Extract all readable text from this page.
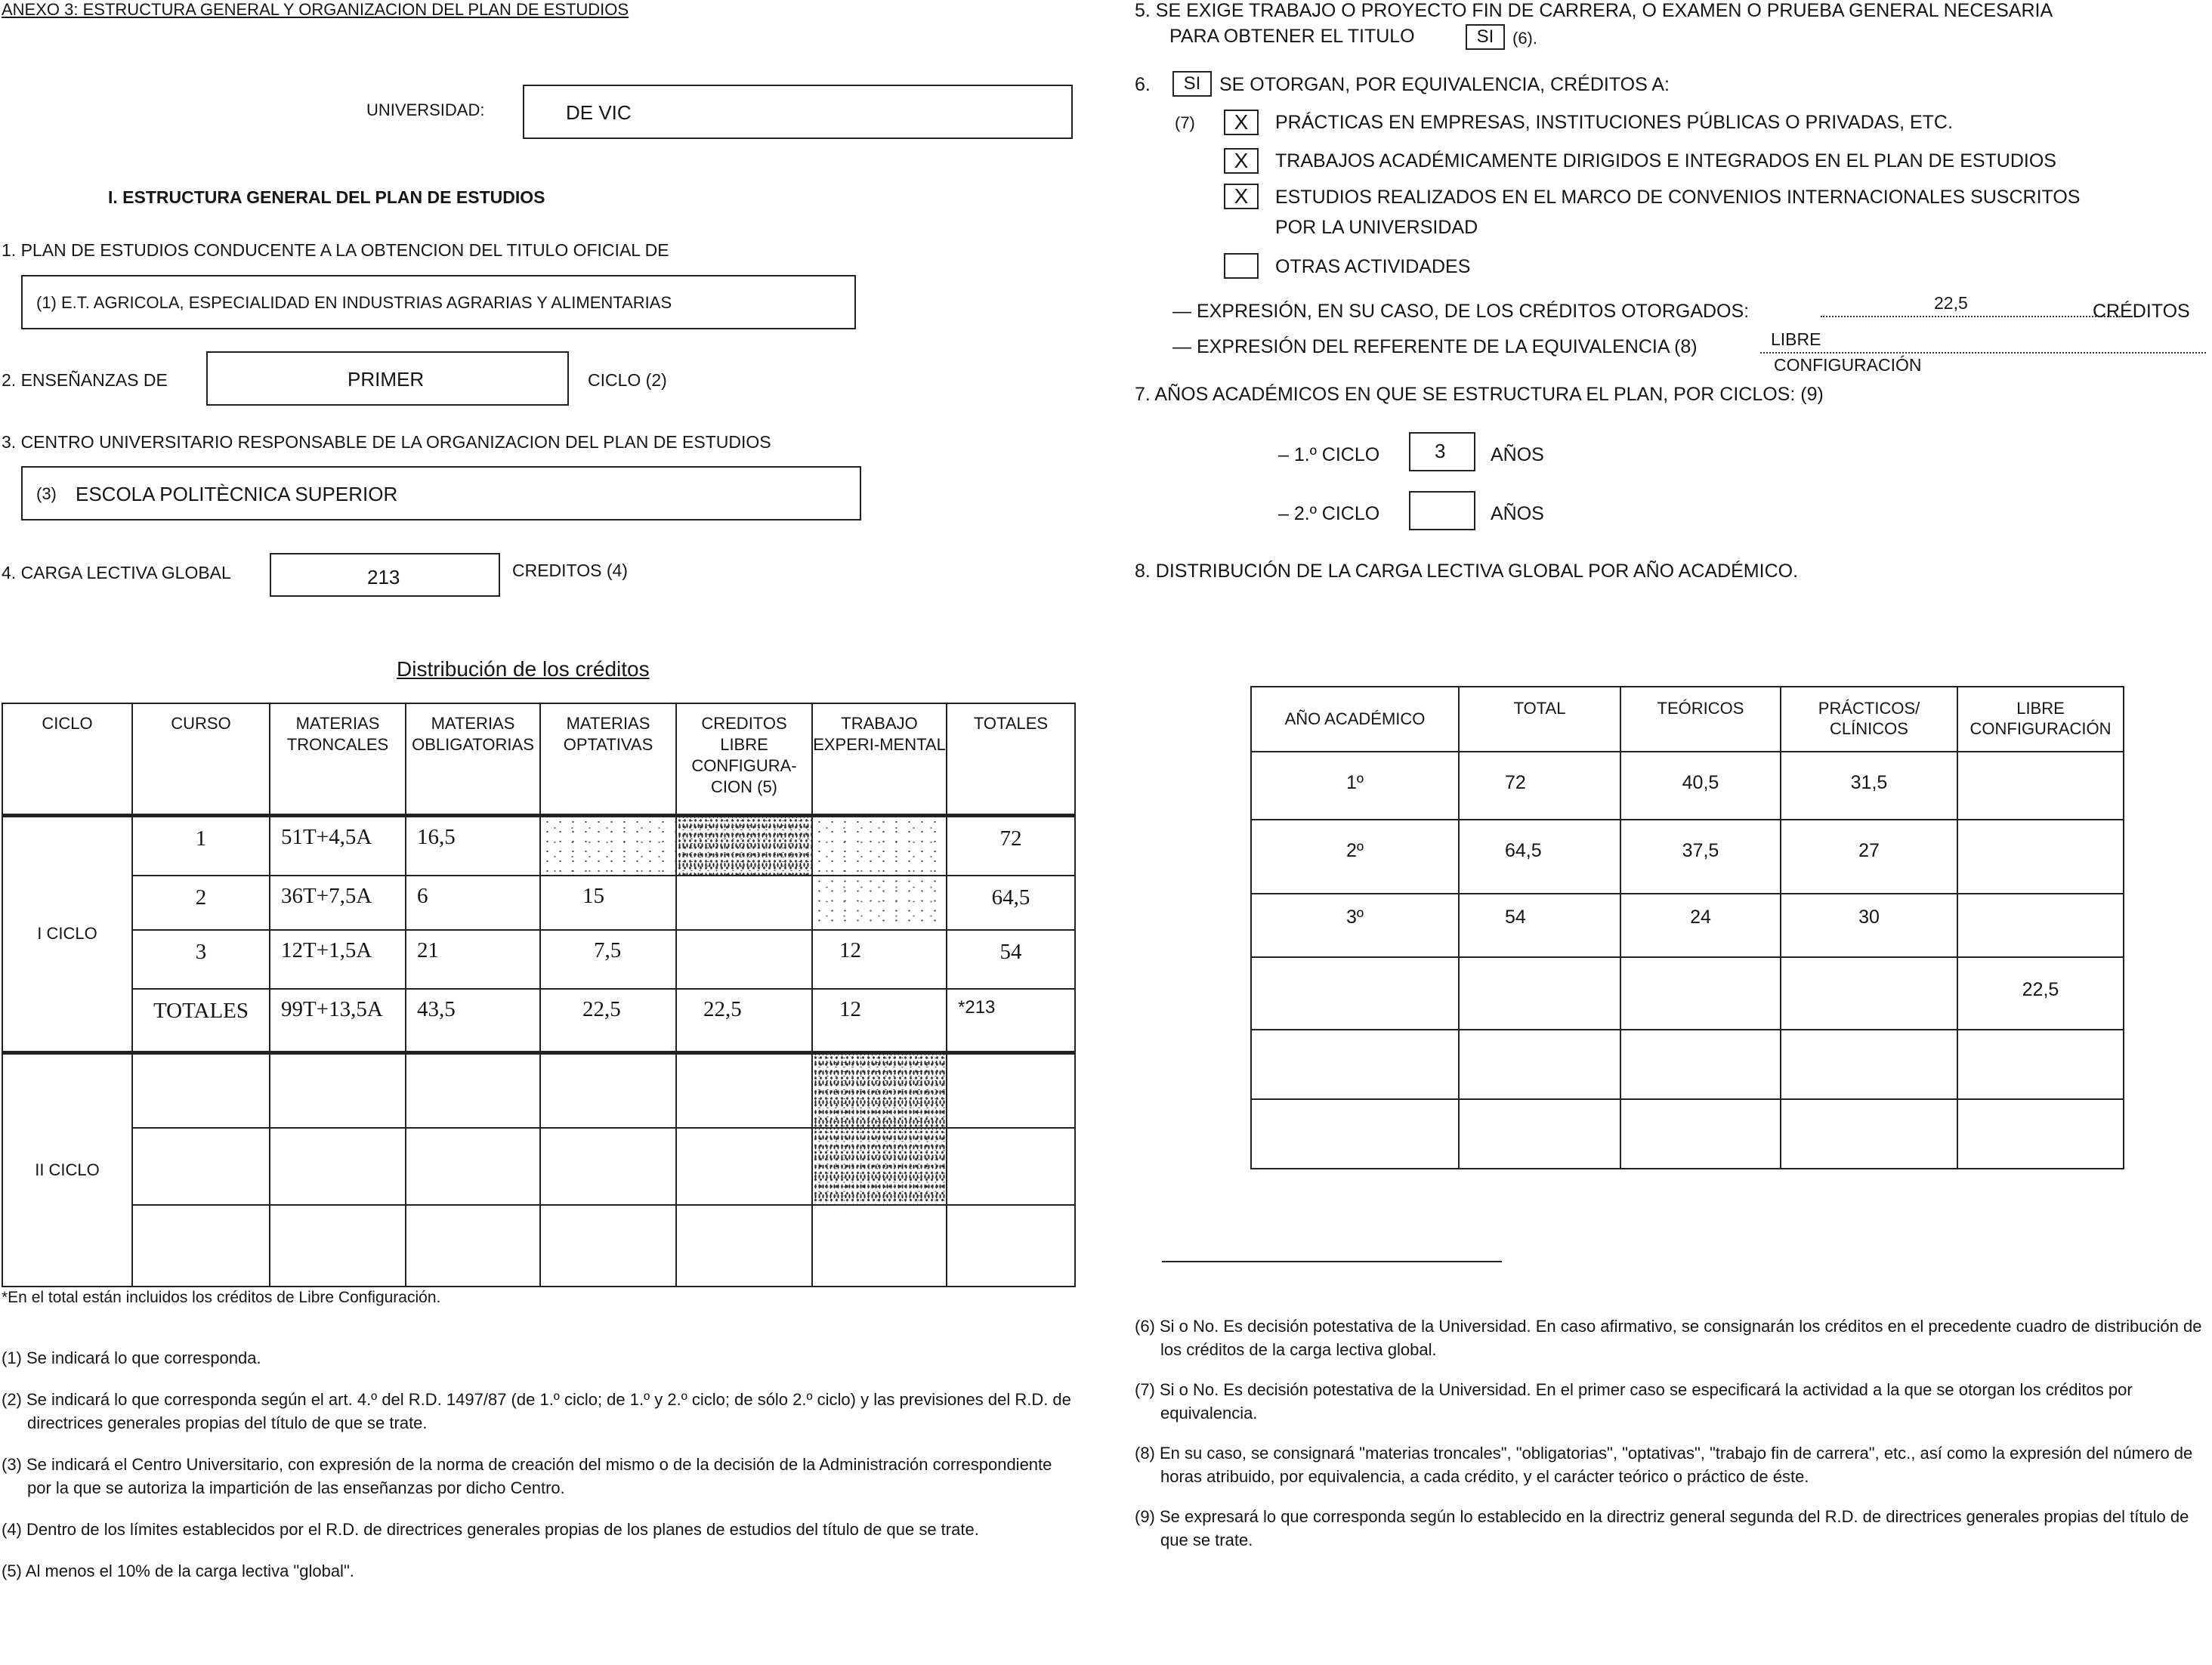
ANEXO 3: ESTRUCTURA GENERAL Y ORGANIZACION DEL PLAN DE ESTUDIOS
UNIVERSIDAD:	DE VIC
I. ESTRUCTURA GENERAL DEL PLAN DE ESTUDIOS
1. PLAN DE ESTUDIOS CONDUCENTE A LA OBTENCION DEL TITULO OFICIAL DE
(1) E.T. AGRICOLA, ESPECIALIDAD EN INDUSTRIAS AGRARIAS Y ALIMENTARIAS
2. ENSEÑANZAS DE	PRIMER	CICLO (2)
3. CENTRO UNIVERSITARIO RESPONSABLE DE LA ORGANIZACION DEL PLAN DE ESTUDIOS
(3) ESCOLA POLITÈCNICA SUPERIOR
4. CARGA LECTIVA GLOBAL	213	CREDITOS (4)
Distribución de los créditos
CICLO	CURSO	MATERIAS TRONCALES	MATERIAS OBLIGATORIAS	MATERIAS OPTATIVAS	CREDITOS LIBRE CONFIGURA-CION (5)	TRABAJO EXPERI-MENTAL	TOTALES
I CICLO	1	51T+4,5A	16,5				72
	2	36T+7,5A	6	15			64,5
	3	12T+1,5A	21	7,5		12	54
	TOTALES	99T+13,5A	43,5	22,5	22,5	12	*213
II CICLO							

*En el total están incluidos los créditos de Libre Configuración.
(1) Se indicará lo que corresponda.
(2) Se indicará lo que corresponda según el art. 4.º del R.D. 1497/87 (de 1.º ciclo; de 1.º y 2.º ciclo; de sólo 2.º ciclo) y las previsiones del R.D. de directrices generales propias del título de que se trate.
(3) Se indicará el Centro Universitario, con expresión de la norma de creación del mismo o de la decisión de la Administración correspondiente por la que se autoriza la impartición de las enseñanzas por dicho Centro.
(4) Dentro de los límites establecidos por el R.D. de directrices generales propias de los planes de estudios del título de que se trate.
(5) Al menos el 10% de la carga lectiva "global".
5. SE EXIGE TRABAJO O PROYECTO FIN DE CARRERA, O EXAMEN O PRUEBA GENERAL NECESARIA
PARA OBTENER EL TITULO	SI	(6).
6.	SI SE OTORGAN, POR EQUIVALENCIA, CRÉDITOS A:
(7)	X	PRÁCTICAS EN EMPRESAS, INSTITUCIONES PÚBLICAS O PRIVADAS, ETC.
X	TRABAJOS ACADÉMICAMENTE DIRIGIDOS E INTEGRADOS EN EL PLAN DE ESTUDIOS
X	ESTUDIOS REALIZADOS EN EL MARCO DE CONVENIOS INTERNACIONALES SUSCRITOS
POR LA UNIVERSIDAD
OTRAS ACTIVIDADES
— EXPRESIÓN, EN SU CASO, DE LOS CRÉDITOS OTORGADOS:	22,5	CRÉDITOS
— EXPRESIÓN DEL REFERENTE DE LA EQUIVALENCIA (8)	LIBRE
CONFIGURACIÓN
7. AÑOS ACADÉMICOS EN QUE SE ESTRUCTURA EL PLAN, POR CICLOS: (9)
– 1.º CICLO	3 AÑOS
– 2.º CICLO	AÑOS
8. DISTRIBUCIÓN DE LA CARGA LECTIVA GLOBAL POR AÑO ACADÉMICO.
AÑO ACADÉMICO	TOTAL	TEÓRICOS	PRÁCTICOS/ CLÍNICOS	LIBRE CONFIGURACIÓN
1º	72	40,5	31,5	
2º	64,5	37,5	27	
3º	54	24	30	
				22,5

(6) Si o No. Es decisión potestativa de la Universidad. En caso afirmativo, se consignarán los créditos en el precedente cuadro de distribución de los créditos de la carga lectiva global.
(7) Si o No. Es decisión potestativa de la Universidad. En el primer caso se especificará la actividad a la que se otorgan los créditos por equivalencia.
(8) En su caso, se consignará "materias troncales", "obligatorias", "optativas", "trabajo fin de carrera", etc., así como la expresión del número de horas atribuido, por equivalencia, a cada crédito, y el carácter teórico o práctico de éste.
(9) Se expresará lo que corresponda según lo establecido en la directriz general segunda del R.D. de directrices generales propias del título de que se trate.
